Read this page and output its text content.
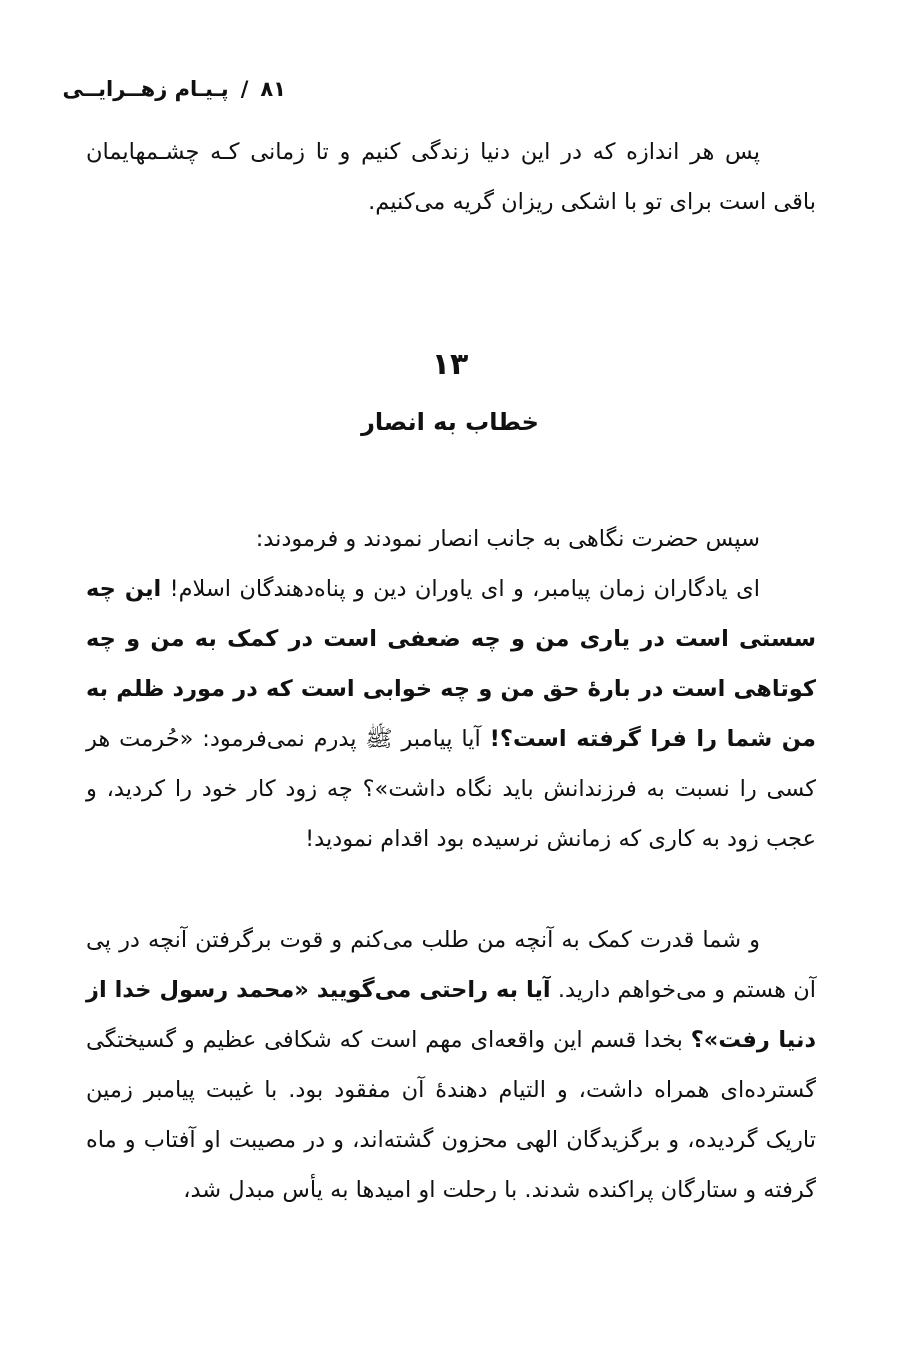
پـیـام زهــرایــی / ۸۱

پس هر اندازه که در این دنیا زندگی کنیم و تا زمانی کـه چشـمهایمان باقی است برای تو با اشکی ریزان گریه می‌کنیم.

۱۳
خطاب به انصار

سپس حضرت نگاهی به جانب انصار نمودند و فرمودند:

ای یادگاران زمان پیامبر، و ای یاوران دین و پناه‌دهندگان اسلام! این چه سستی است در یاری من و چه ضعفی است در کمک به من و چه کوتاهی است در بارهٔ حق من و چه خوابی است که در مورد ظلم به من شما را فرا گرفته است؟! آیا پیامبر ﷺ پدرم نمی‌فرمود: «حُرمت هر کسی را نسبت به فرزندانش باید نگاه داشت»؟ چه زود کار خود را کردید، و عجب زود به کاری که زمانش نرسیده بود اقدام نمودید!

و شما قدرت کمک به آنچه من طلب می‌کنم و قوت برگرفتن آنچه در پی آن هستم و می‌خواهم دارید. آیا به راحتی می‌گویید «محمد رسول خدا از دنیا رفت»؟ بخدا قسم این واقعه‌ای مهم است که شکافی عظیم و گسیختگی گسترده‌ای همراه داشت، و التیام دهندهٔ آن مفقود بود. با غیبت پیامبر زمین تاریک گردیده، و برگزیدگان الهی محزون گشته‌اند، و در مصیبت او آفتاب و ماه گرفته و ستارگان پراکنده شدند. با رحلت او امیدها به یأس مبدل شد،
